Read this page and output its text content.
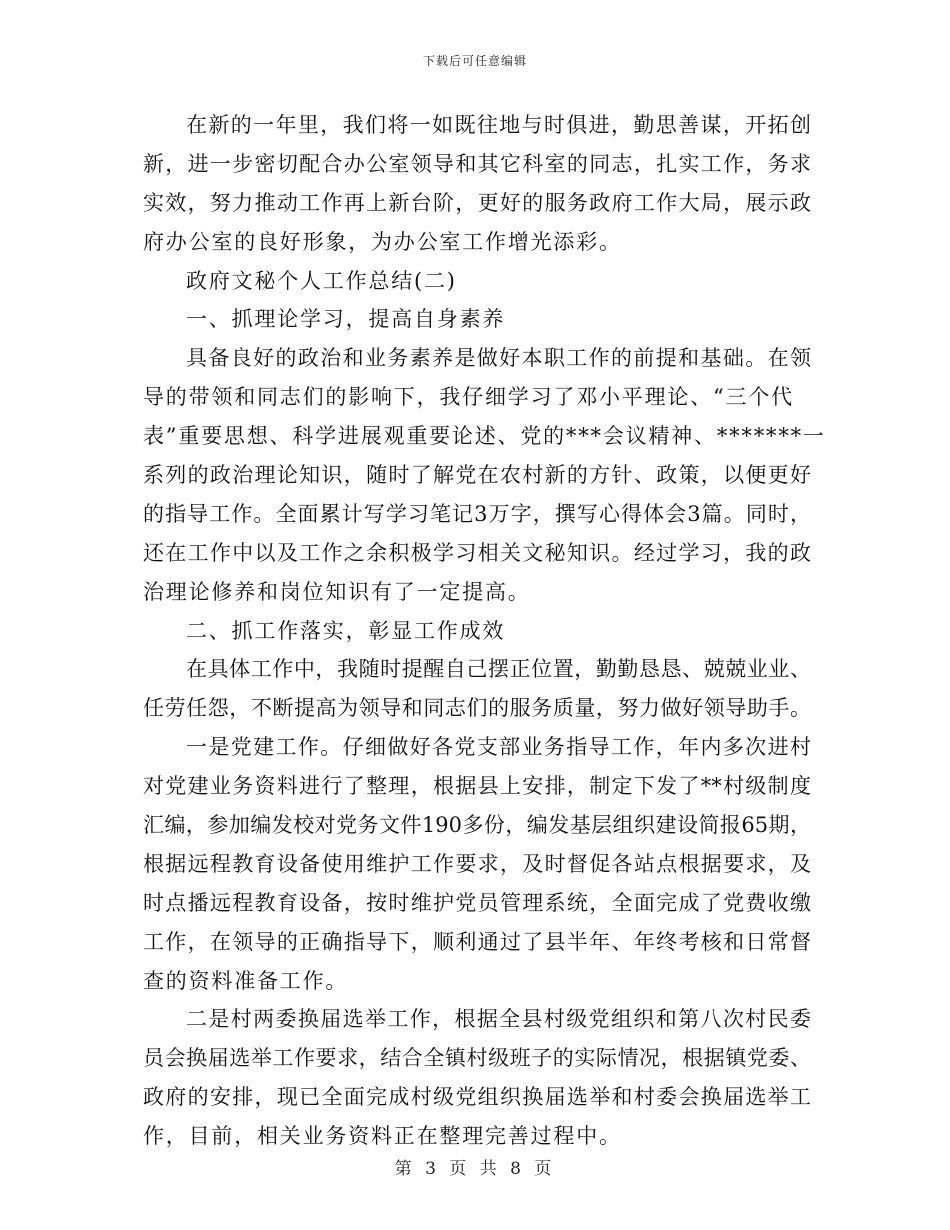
下载后可任意编辑
在新的一年里，我们将一如既往地与时俱进，勤思善谋，开拓创
新，进一步密切配合办公室领导和其它科室的同志，扎实工作，务求
实效，努力推动工作再上新台阶，更好的服务政府工作大局，展示政
府办公室的良好形象，为办公室工作增光添彩。
政府文秘个人工作总结(二)
一、抓理论学习，提高自身素养
具备良好的政治和业务素养是做好本职工作的前提和基础。在领
导的带领和同志们的影响下，我仔细学习了邓小平理论、“三个代
表”重要思想、科学进展观重要论述、党的***会议精神、*******一
系列的政治理论知识，随时了解党在农村新的方针、政策，以便更好
的指导工作。全面累计写学习笔记3万字，撰写心得体会3篇。同时，
还在工作中以及工作之余积极学习相关文秘知识。经过学习，我的政
治理论修养和岗位知识有了一定提高。
二、抓工作落实，彰显工作成效
在具体工作中，我随时提醒自己摆正位置，勤勤恳恳、兢兢业业、
任劳任怨，不断提高为领导和同志们的服务质量，努力做好领导助手。
一是党建工作。仔细做好各党支部业务指导工作，年内多次进村
对党建业务资料进行了整理，根据县上安排，制定下发了**村级制度
汇编，参加编发校对党务文件190多份，编发基层组织建设简报65期，
根据远程教育设备使用维护工作要求，及时督促各站点根据要求，及
时点播远程教育设备，按时维护党员管理系统，全面完成了党费收缴
工作，在领导的正确指导下，顺利通过了县半年、年终考核和日常督
查的资料准备工作。
二是村两委换届选举工作，根据全县村级党组织和第八次村民委
员会换届选举工作要求，结合全镇村级班子的实际情况，根据镇党委、
政府的安排，现已全面完成村级党组织换届选举和村委会换届选举工
作，目前，相关业务资料正在整理完善过程中。
第 3 页 共 8 页
